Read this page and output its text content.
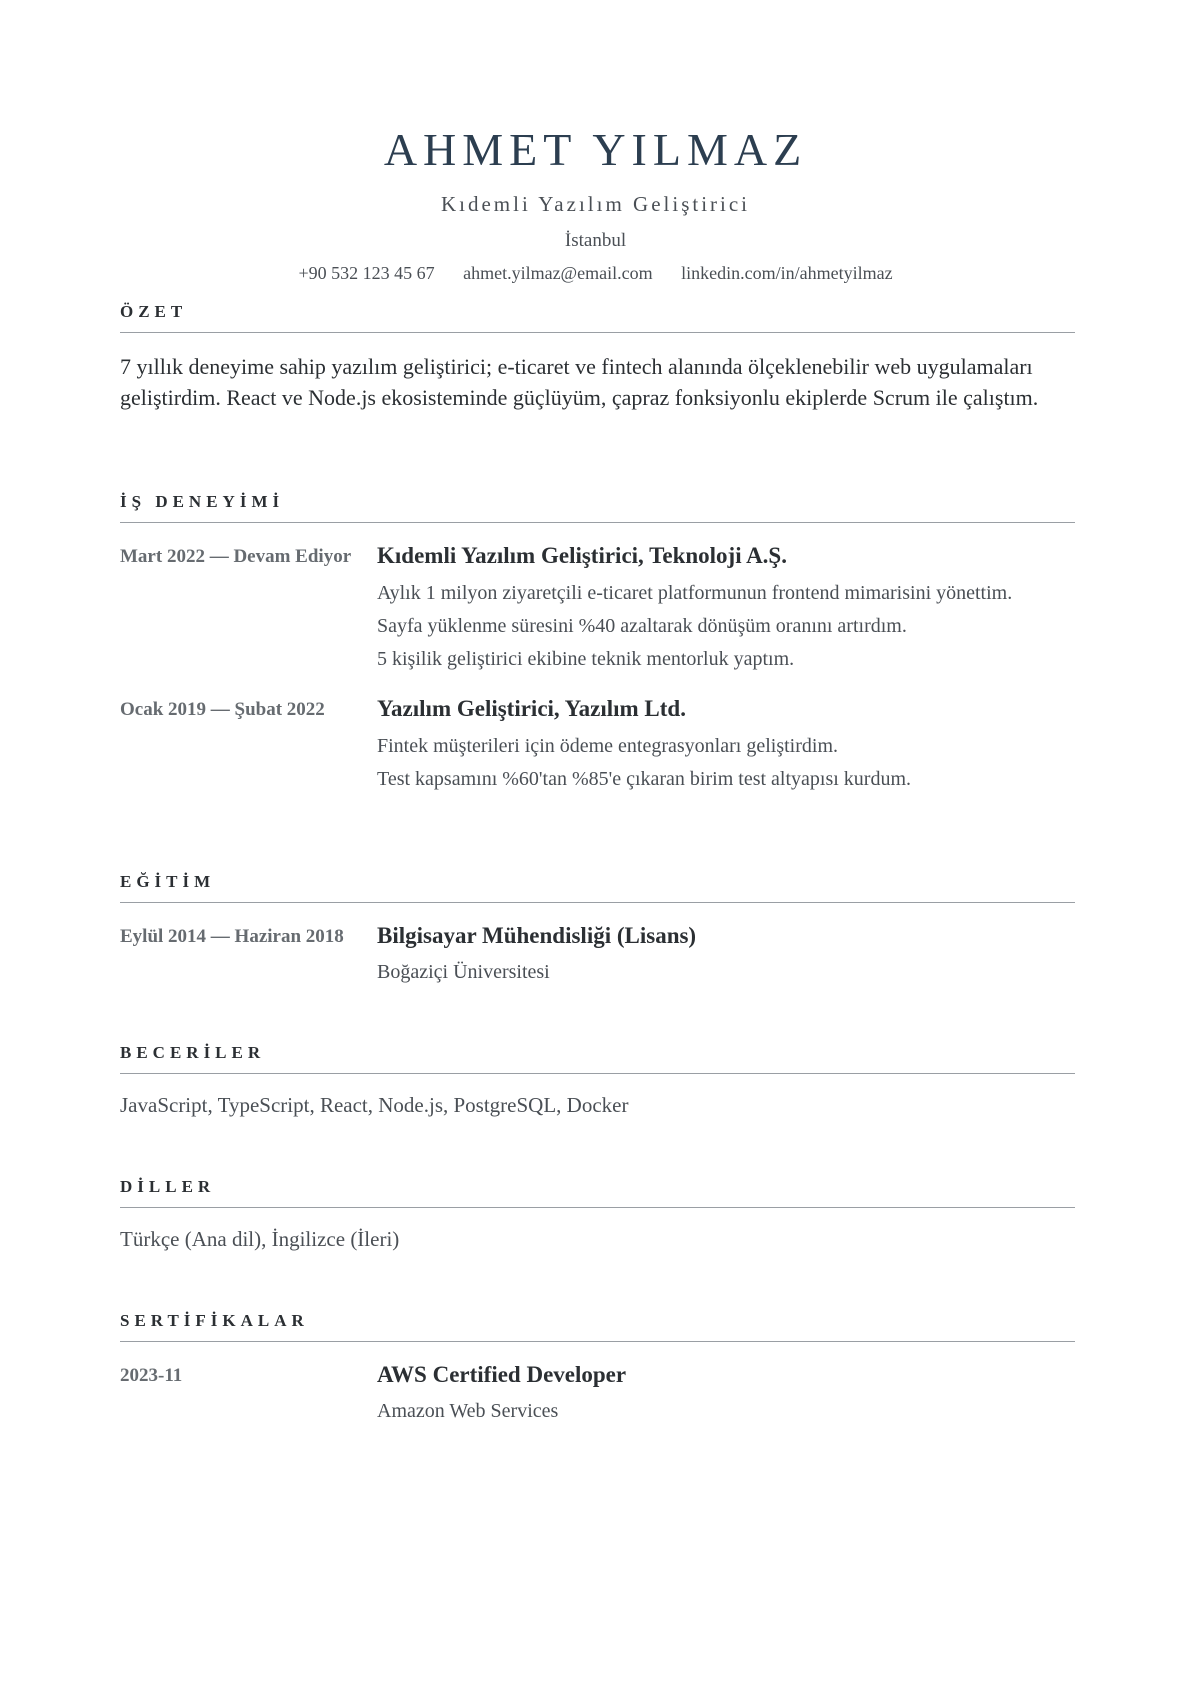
AHMET YILMAZ
Kıdemli Yazılım Geliştirici
İstanbul
+90 532 123 45 67 ahmet.yilmaz@email.com linkedin.com/in/ahmetyilmaz
ÖZET
7 yıllık deneyime sahip yazılım geliştirici; e-ticaret ve fintech alanında ölçeklenebilir web uygulamaları geliştirdim. React ve Node.js ekosisteminde güçlüyüm, çapraz fonksiyonlu ekiplerde Scrum ile çalıştım.
İŞ DENEYİMİ
Mart 2022 — Devam Ediyor	Kıdemli Yazılım Geliştirici, Teknoloji A.Ş.
Aylık 1 milyon ziyaretçili e-ticaret platformunun frontend mimarisini yönettim.
Sayfa yüklenme süresini %40 azaltarak dönüşüm oranını artırdım.
5 kişilik geliştirici ekibine teknik mentorluk yaptım.
Ocak 2019 — Şubat 2022	Yazılım Geliştirici, Yazılım Ltd.
Fintek müşterileri için ödeme entegrasyonları geliştirdim.
Test kapsamını %60'tan %85'e çıkaran birim test altyapısı kurdum.
EĞİTİM
Eylül 2014 — Haziran 2018	Bilgisayar Mühendisliği (Lisans)
Boğaziçi Üniversitesi
BECERİLER
JavaScript, TypeScript, React, Node.js, PostgreSQL, Docker
DİLLER
Türkçe (Ana dil), İngilizce (İleri)
SERTİFİKALAR
2023-11	AWS Certified Developer
Amazon Web Services
